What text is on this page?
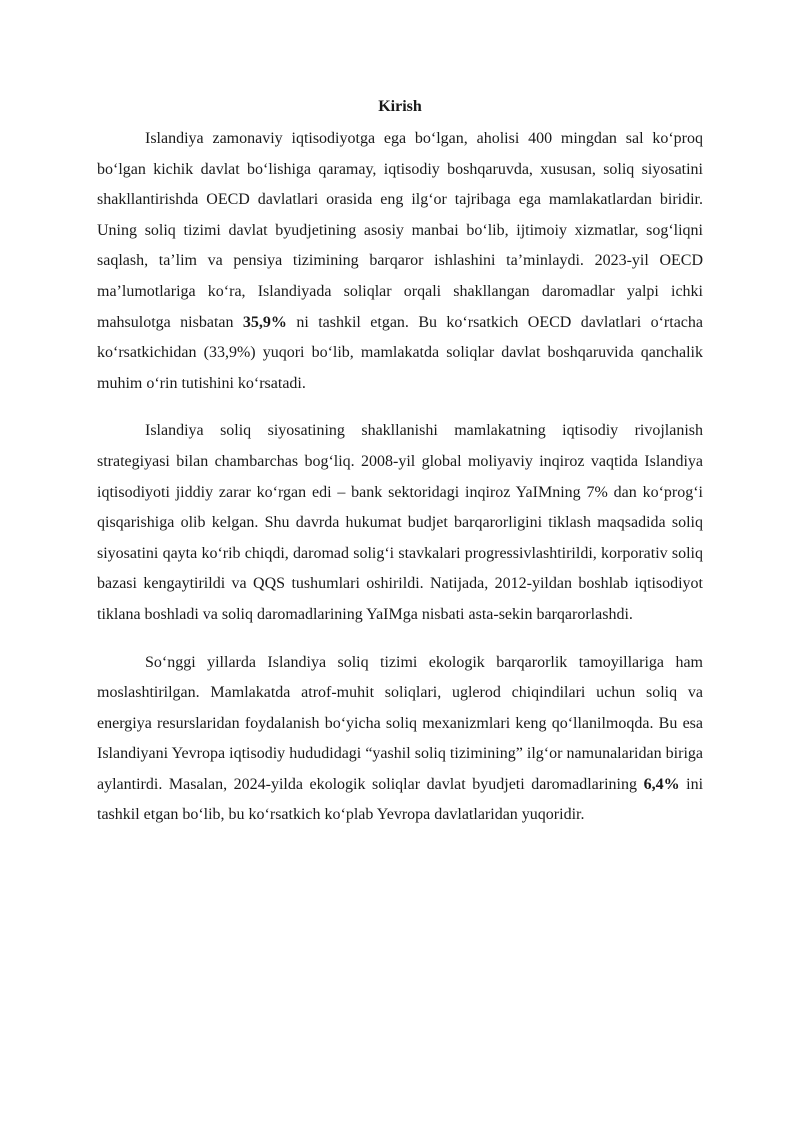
Kirish

Islandiya zamonaviy iqtisodiyotga ega bo‘lgan, aholisi 400 mingdan sal ko‘proq bo‘lgan kichik davlat bo‘lishiga qaramay, iqtisodiy boshqaruvda, xususan, soliq siyosatini shakllantirishda OECD davlatlari orasida eng ilg‘or tajribaga ega mamlakatlardan biridir. Uning soliq tizimi davlat byudjetining asosiy manbai bo‘lib, ijtimoiy xizmatlar, sog‘liqni saqlash, ta’lim va pensiya tizimining barqaror ishlashini ta’minlaydi. 2023-yil OECD ma’lumotlariga ko‘ra, Islandiyada soliqlar orqali shakllangan daromadlar yalpi ichki mahsulotga nisbatan 35,9% ni tashkil etgan. Bu ko‘rsatkich OECD davlatlari o‘rtacha ko‘rsatkichidan (33,9%) yuqori bo‘lib, mamlakatda soliqlar davlat boshqaruvida qanchalik muhim o‘rin tutishini ko‘rsatadi.

Islandiya soliq siyosatining shakllanishi mamlakatning iqtisodiy rivojlanish strategiyasi bilan chambarchas bog‘liq. 2008-yil global moliyaviy inqiroz vaqtida Islandiya iqtisodiyoti jiddiy zarar ko‘rgan edi – bank sektoridagi inqiroz YaIMning 7% dan ko‘prog‘i qisqarishiga olib kelgan. Shu davrda hukumat budjet barqarorligini tiklash maqsadida soliq siyosatini qayta ko‘rib chiqdi, daromad solig‘i stavkalari progressivlashtirildi, korporativ soliq bazasi kengaytirildi va QQS tushumlari oshirildi. Natijada, 2012-yildan boshlab iqtisodiyot tiklana boshladi va soliq daromadlarining YaIMga nisbati asta-sekin barqarorlashdi.

So‘nggi yillarda Islandiya soliq tizimi ekologik barqarorlik tamoyillariga ham moslashtirilgan. Mamlakatda atrof-muhit soliqlari, uglerod chiqindilari uchun soliq va energiya resurslaridan foydalanish bo‘yicha soliq mexanizmlari keng qo‘llanilmoqda. Bu esa Islandiyani Yevropa iqtisodiy hududidagi “yashil soliq tizimining” ilg‘or namunalaridan biriga aylantirdi. Masalan, 2024-yilda ekologik soliqlar davlat byudjeti daromadlarining 6,4% ini tashkil etgan bo‘lib, bu ko‘rsatkich ko‘plab Yevropa davlatlaridan yuqoridir.
